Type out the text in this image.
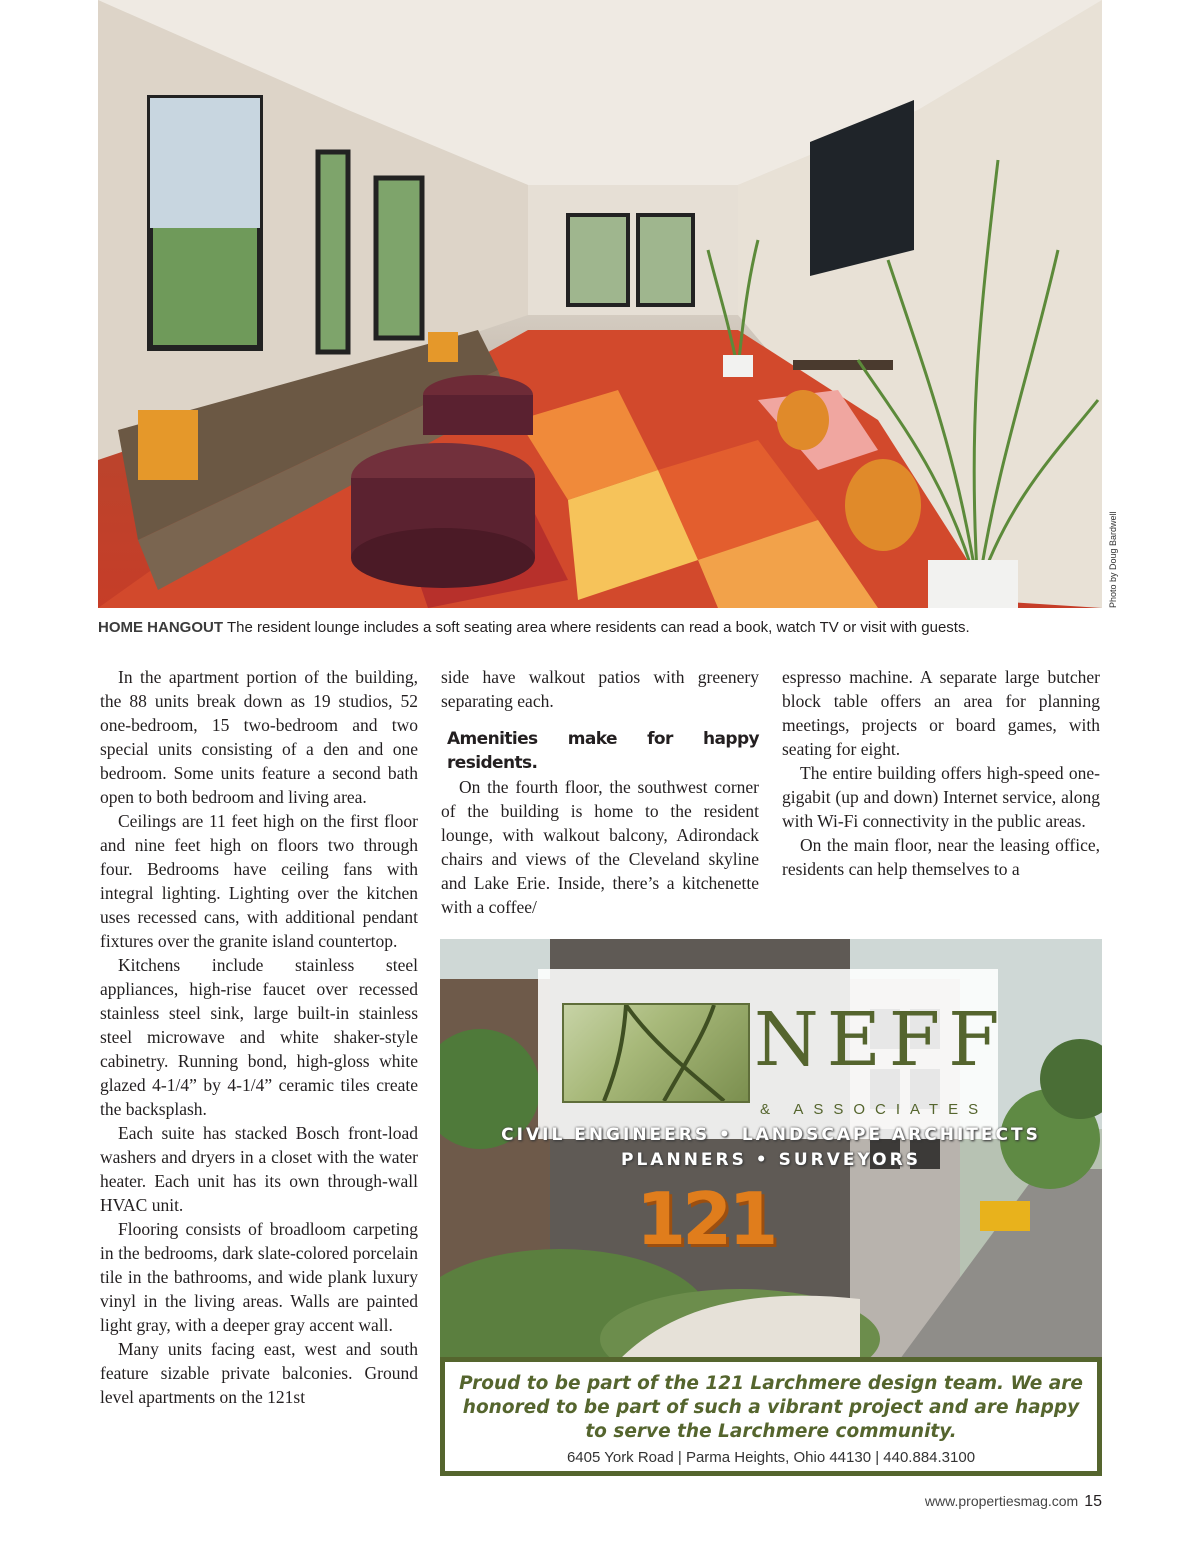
Photo by Doug Bardwell
HOME HANGOUT The resident lounge includes a soft seating area where residents can read a book, watch TV or visit with guests.

In the apartment portion of the building, the 88 units break down as 19 studios, 52 one-bedroom, 15 two-bedroom and two special units consisting of a den and one bedroom. Some units feature a second bath open to both bedroom and living area.

Ceilings are 11 feet high on the first floor and nine feet high on floors two through four. Bedrooms have ceiling fans with integral lighting. Lighting over the kitchen uses recessed cans, with additional pendant fixtures over the granite island countertop.

Kitchens include stainless steel appliances, high-rise faucet over recessed stainless steel sink, large built-in stainless steel microwave and white shaker-style cabinetry. Running bond, high-gloss white glazed 4-1/4” by 4-1/4” ceramic tiles create the backsplash.

Each suite has stacked Bosch front-load washers and dryers in a closet with the water heater. Each unit has its own through-wall HVAC unit.

Flooring consists of broadloom carpeting in the bedrooms, dark slate-colored porcelain tile in the bathrooms, and wide plank luxury vinyl in the living areas. Walls are painted light gray, with a deeper gray accent wall.

Many units facing east, west and south feature sizable private balconies. Ground level apartments on the 121st

side have walkout patios with greenery separating each.

Amenities make for happy residents.

On the fourth floor, the southwest corner of the building is home to the resident lounge, with walkout balcony, Adirondack chairs and views of the Cleveland skyline and Lake Erie. Inside, there’s a kitchenette with a coffee/

espresso machine. A separate large butcher block table offers an area for planning meetings, projects or board games, with seating for eight.

The entire building offers high-speed one-gigabit (up and down) Internet service, along with Wi-Fi connectivity in the public areas.

On the main floor, near the leasing office, residents can help themselves to a

NEFF
& ASSOCIATES
CIVIL ENGINEERS • LANDSCAPE ARCHITECTS
PLANNERS • SURVEYORS
121
Proud to be part of the 121 Larchmere design team. We are honored to be part of such a vibrant project and are happy to serve the Larchmere community.
6405 York Road | Parma Heights, Ohio 44130 | 440.884.3100
www.propertiesmag.com 15
